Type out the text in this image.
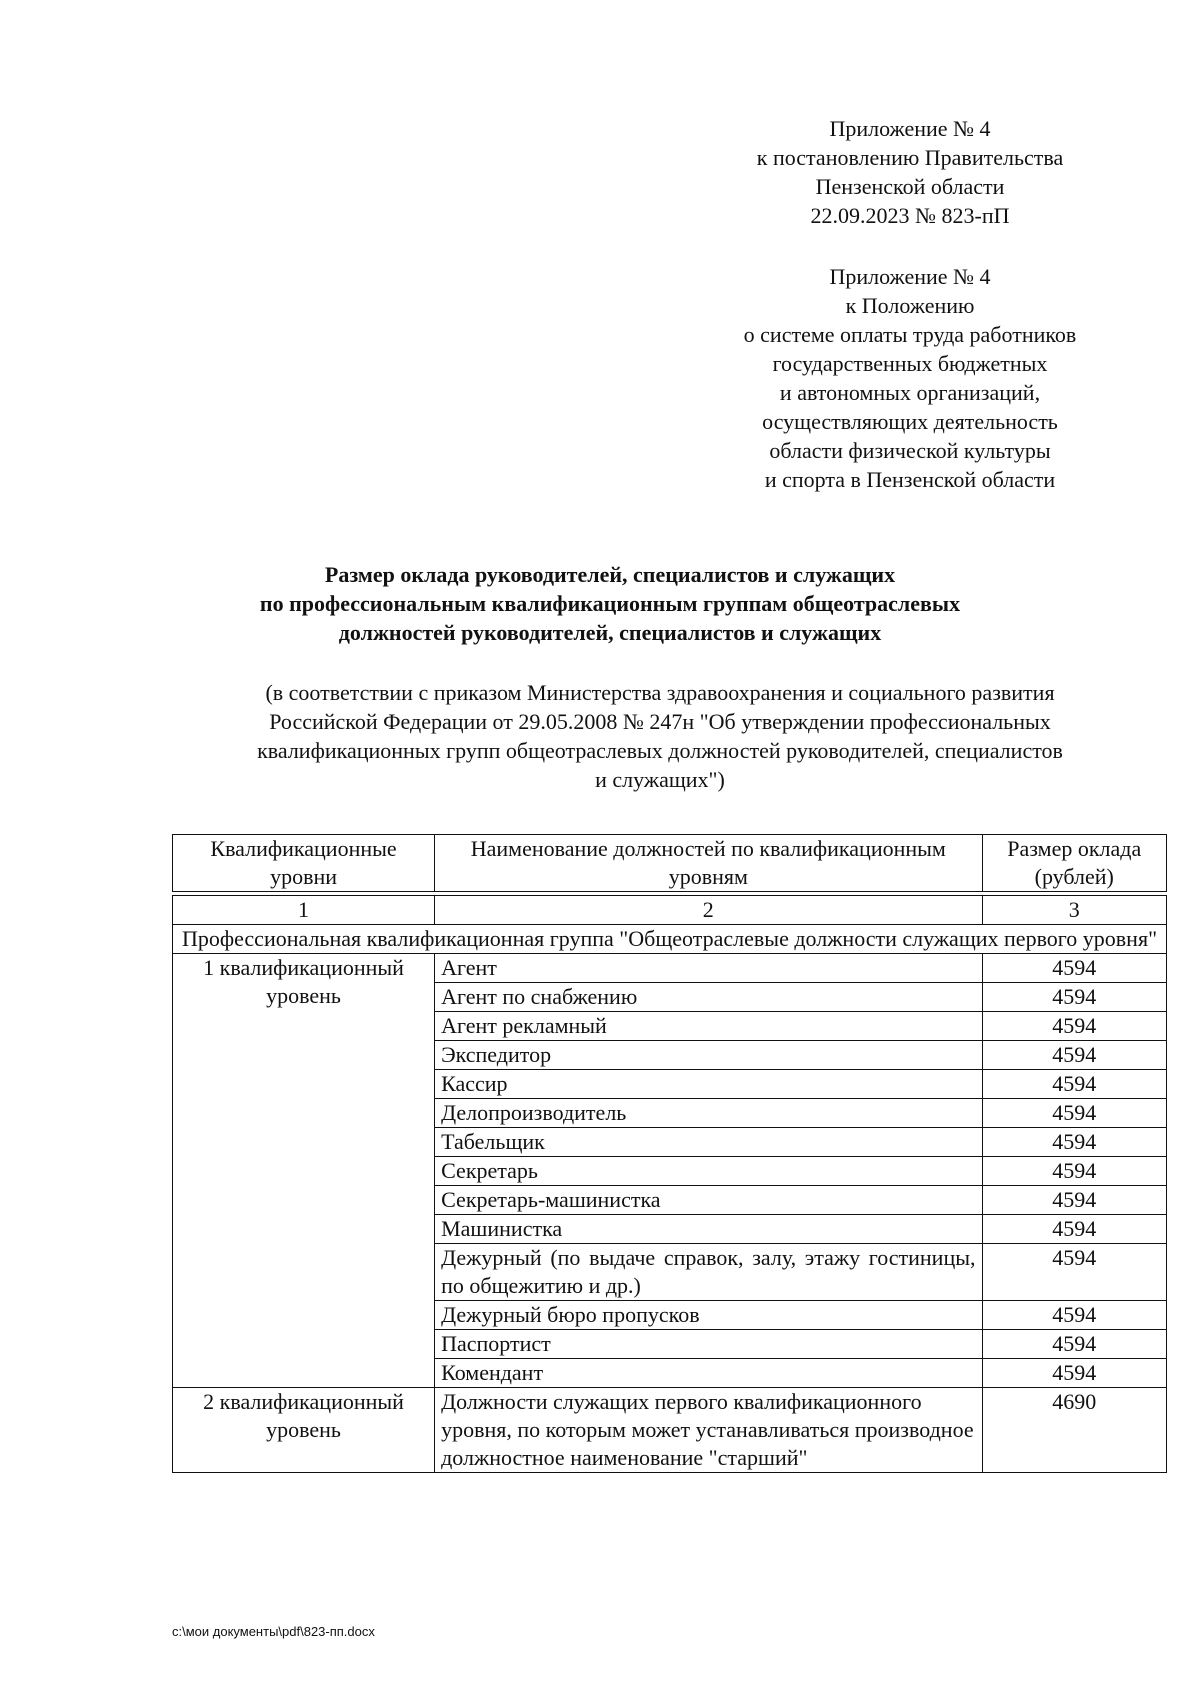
Приложение № 4
к постановлению Правительства
Пензенской области
22.09.2023 № 823-пП
Приложение № 4
к Положению
о системе оплаты труда работников
государственных бюджетных
и автономных организаций,
осуществляющих деятельность
области физической культуры
и спорта в Пензенской области
Размер оклада руководителей, специалистов и служащих
по профессиональным квалификационным группам общеотраслевых
должностей руководителей, специалистов и служащих
(в соответствии с приказом Министерства здравоохранения и социального развития
Российской Федерации от 29.05.2008 № 247н "Об утверждении профессиональных
квалификационных групп общеотраслевых должностей руководителей, специалистов
и служащих")
Квалификационные уровни	Наименование должностей по квалификационным уровням	Размер оклада (рублей)

1	2	3
Профессиональная квалификационная группа "Общеотраслевые должности служащих первого уровня"		
1 квалификационный уровень	Агент	4594
	Агент по снабжению	4594
	Агент рекламный	4594
	Экспедитор	4594
	Кассир	4594
	Делопроизводитель	4594
	Табельщик	4594
	Секретарь	4594
	Секретарь-машинистка	4594
	Машинистка	4594
	Дежурный (по выдаче справок, залу, этажу гостиницы, по общежитию и др.)	4594
	Дежурный бюро пропусков	4594
	Паспортист	4594
	Комендант	4594
2 квалификационный уровень	Должности служащих первого квалификационного уровня, по которым может устанавливаться производное должностное наименование "старший"	4690
c:\мои документы\pdf\823-пп.docx
